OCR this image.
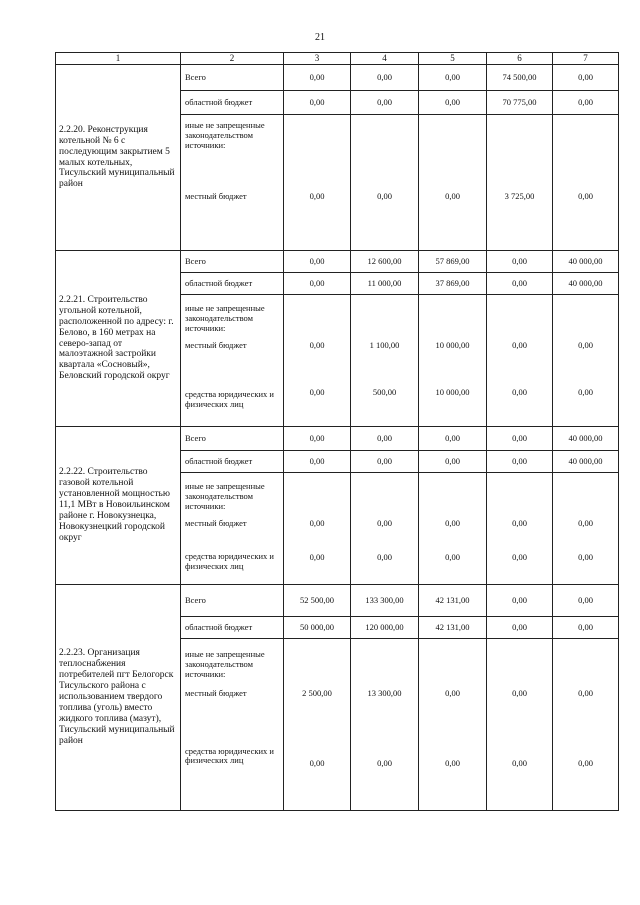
21
1	2	3	4	5	6	7
2.2.20. Реконструкция котельной № 6 с последующим закрытием 5 малых котельных, Тисульский муниципальный район	Всего	0,00	0,00	0,00	74 500,00	0,00
	областной бюджет	0,00	0,00	0,00	70 775,00	0,00
	иные не запрещенные законодательством источники:					
	местный бюджет	0,00	0,00	0,00	3 725,00	0,00
2.2.21. Строительство угольной котельной, расположенной по адресу: г. Белово, в 160 метрах на северо-запад от малоэтажной застройки квартала «Сосновый», Беловский городской округ	Всего	0,00	12 600,00	57 869,00	0,00	40 000,00
	областной бюджет	0,00	11 000,00	37 869,00	0,00	40 000,00
	иные не запрещенные законодательством источники:					
	местный бюджет	0,00	1 100,00	10 000,00	0,00	0,00
	средства юридических и физических лиц	0,00	500,00	10 000,00	0,00	0,00
2.2.22. Строительство газовой котельной установленной мощностью 11,1 МВт в Новоильинском районе г. Новокузнецка, Новокузнецкий городской округ	Всего	0,00	0,00	0,00	0,00	40 000,00
	областной бюджет	0,00	0,00	0,00	0,00	40 000,00
	иные не запрещенные законодательством источники:					
	местный бюджет	0,00	0,00	0,00	0,00	0,00
	средства юридических и физических лиц	0,00	0,00	0,00	0,00	0,00
2.2.23. Организация теплоснабжения потребителей пгт Белогорск Тисульского района с использованием твердого топлива (уголь) вместо жидкого топлива (мазут), Тисульский муниципальный район	Всего	52 500,00	133 300,00	42 131,00	0,00	0,00
	областной бюджет	50 000,00	120 000,00	42 131,00	0,00	0,00
	иные не запрещенные законодательством источники:					
	местный бюджет	2 500,00	13 300,00	0,00	0,00	0,00
	средства юридических и физических лиц	0,00	0,00	0,00	0,00	0,00
